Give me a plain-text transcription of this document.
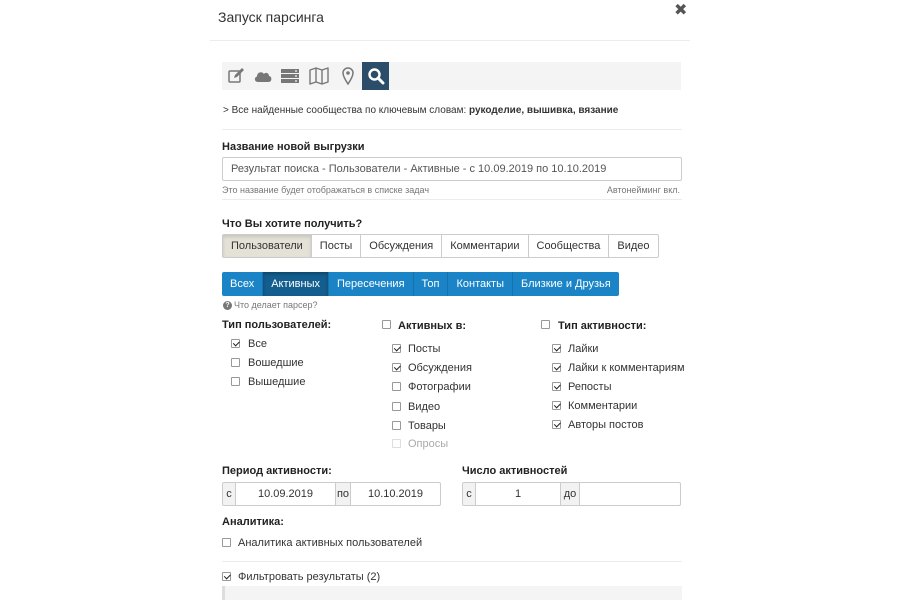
Запуск парсинга	✖
> Все найденные сообщества по ключевым словам: рукоделие, вышивка, вязание
Название новой выгрузки
Результат поиска - Пользователи - Активные - с 10.09.2019 по 10.10.2019
Это название будет отображаться в списке задач	Автонейминг вкл.
Что Вы хотите получить?
Пользователи	Посты	Обсуждения	Комментарии	Сообщества	Видео
Всех	Активных	Пересечения	Топ	Контакты	Близкие и Друзья
? Что делает парсер?
Тип пользователей:
Все
Вошедшие
Вышедшие
Активных в:
Посты
Обсуждения
Фотографии
Видео
Товары
Опросы
Тип активности:
Лайки
Лайки к комментариям
Репосты
Комментарии
Авторы постов
Период активности:
с	10.09.2019	по	10.10.2019
Число активностей
с	1	до
Аналитика:
Аналитика активных пользователей
Фильтровать результаты (2)
